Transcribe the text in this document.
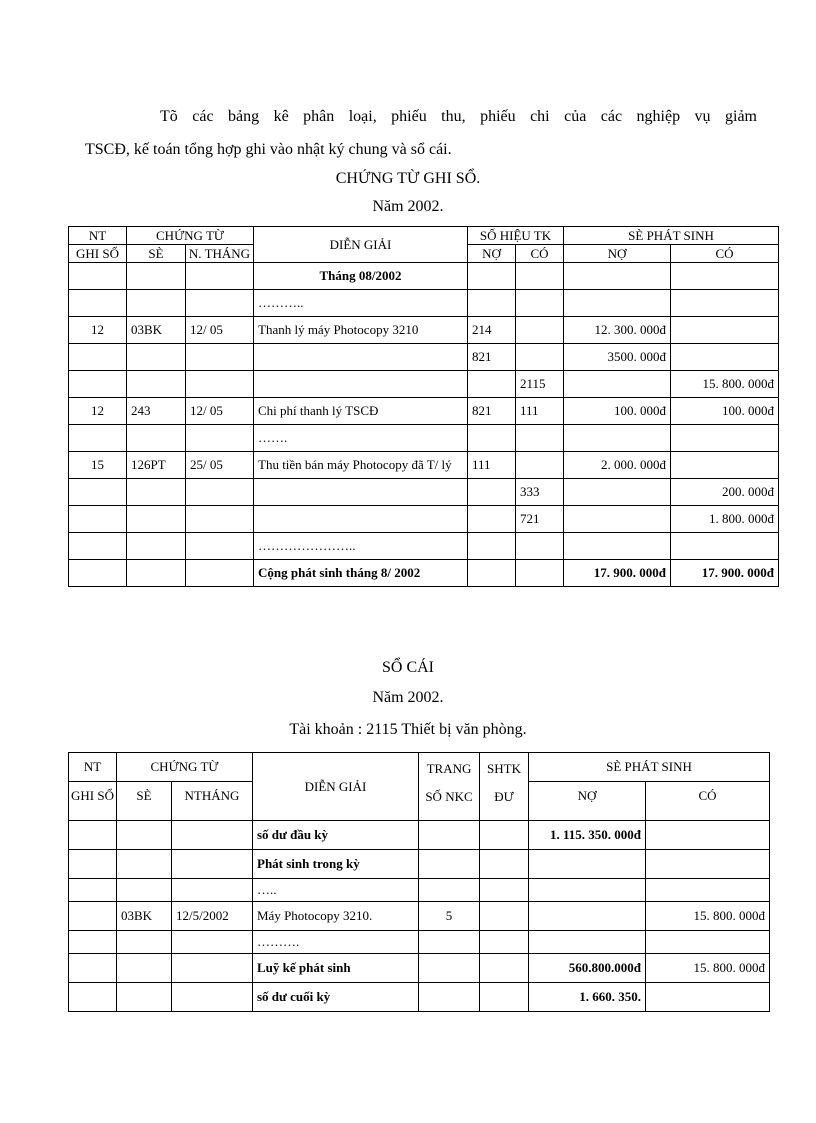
Tõ các bảng kê phân loại, phiếu thu, phiếu chi của các nghiệp vụ giảm
TSCĐ, kế toán tổng hợp ghi vào nhật ký chung và sổ cái.
CHỨNG TỪ GHI SỔ.
Năm 2002.
NT	CHỨNG TỪ		DIỄN GIẢI	SỐ HIỆU TK		SÈ PHÁT SINH	
GHI SỔ	SÈ	N. THÁNG		NỢ	CÓ	NỢ	CÓ
			Tháng 08/2002				
			………..				
12	03BK	12/ 05	Thanh lý máy Photocopy 3210	214		12. 300. 000đ	
				821		3500. 000đ	
					2115		15. 800. 000đ
12	243	12/ 05	Chi phí thanh lý TSCĐ	821	111	100. 000đ	100. 000đ
			…….				
15	126PT	25/ 05	Thu tiền bán máy Photocopy đã T/ lý	111		2. 000. 000đ	
					333		200. 000đ
					721		1. 800. 000đ
			…………………..				
			Cộng phát sinh tháng 8/ 2002			17. 900. 000đ	17. 900. 000đ
SỔ CÁI
Năm 2002.
Tài khoản : 2115 Thiết bị văn phòng.
NT	CHỨNG TỪ		DIỄN GIẢI	TRANG SỐ NKC	SHTK ĐƯ	SÈ PHÁT SINH	
GHI SỔ	SÈ	NTHÁNG				NỢ	CÓ
			số dư đầu kỳ			1. 115. 350. 000đ	
			Phát sinh trong kỳ				
			…..				
	03BK	12/5/2002	Máy Photocopy 3210.	5			15. 800. 000đ
			……….				
			Luỹ kế phát sinh			560.800.000đ	15. 800. 000đ
			số dư cuối kỳ			1. 660. 350.	
